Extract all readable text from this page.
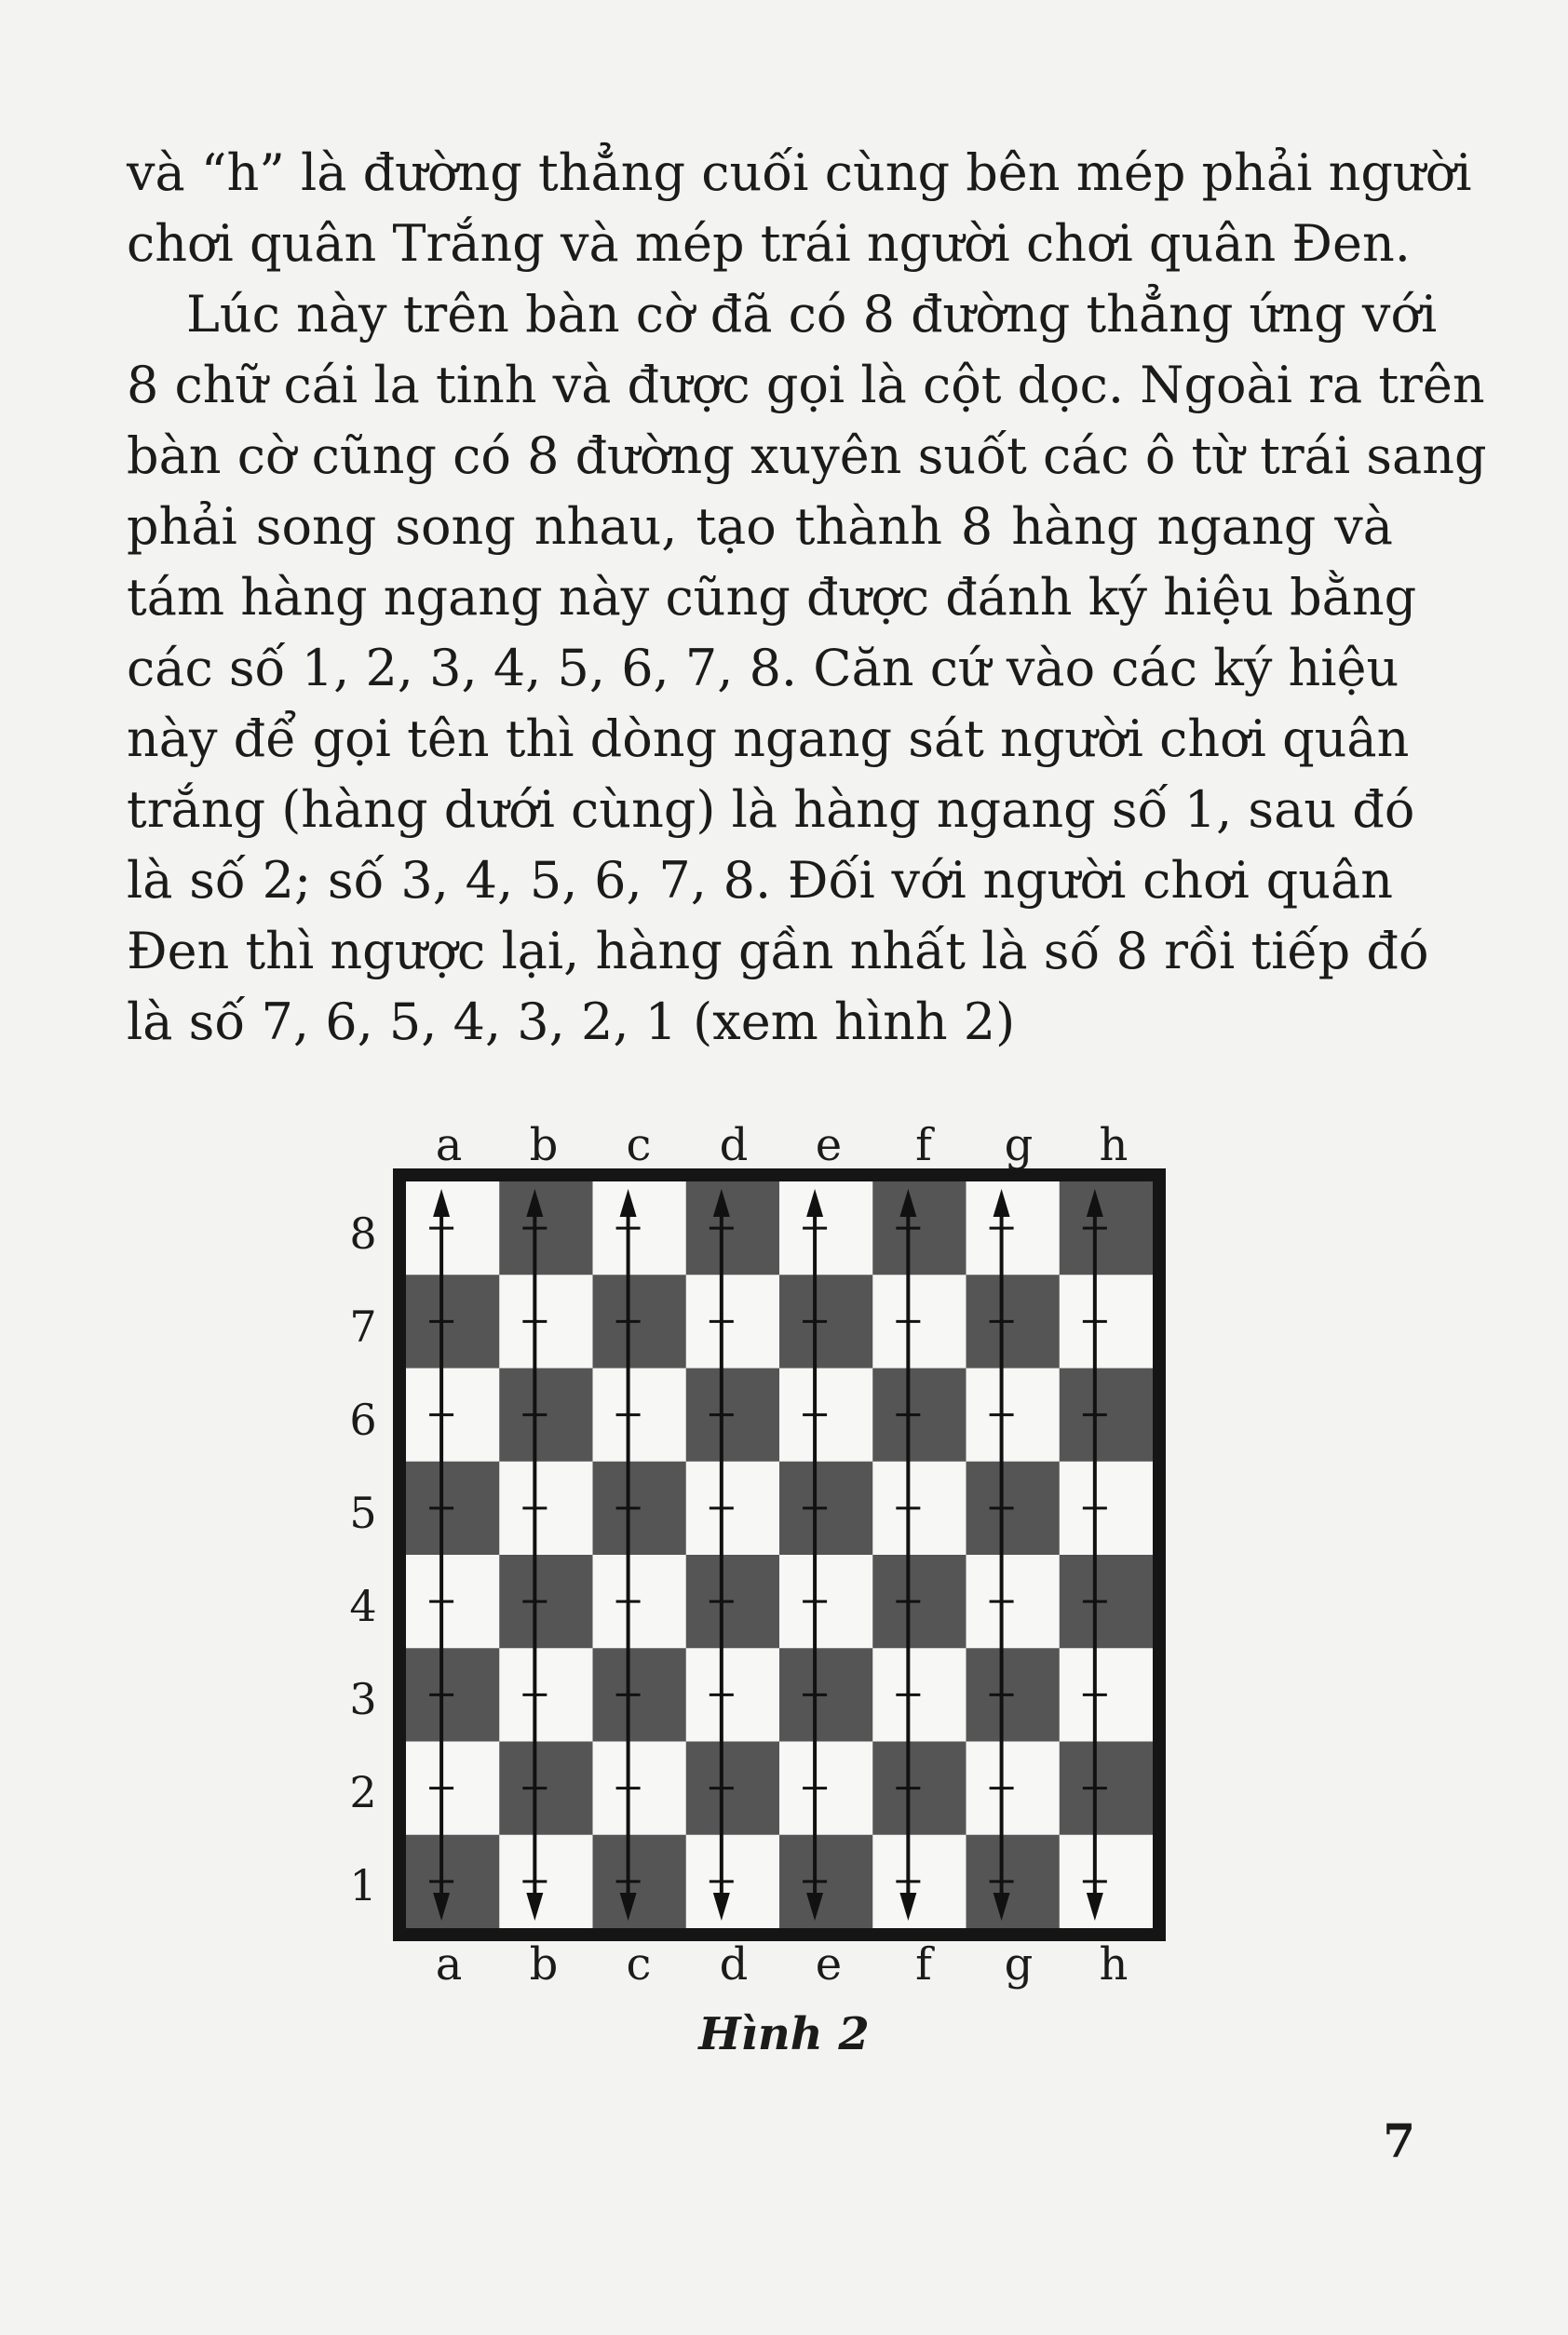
và “h” là đường thẳng cuối cùng bên mép phải người
chơi quân Trắng và mép trái người chơi quân Đen.
Lúc này trên bàn cờ đã có 8 đường thẳng ứng với
8 chữ cái la tinh và được gọi là cột dọc. Ngoài ra trên
bàn cờ cũng có 8 đường xuyên suốt các ô từ trái sang
phải song song nhau, tạo thành 8 hàng ngang và
tám hàng ngang này cũng được đánh ký hiệu bằng
các số 1, 2, 3, 4, 5, 6, 7, 8. Căn cứ vào các ký hiệu
này để gọi tên thì dòng ngang sát người chơi quân
trắng (hàng dưới cùng) là hàng ngang số 1, sau đó
là số 2; số 3, 4, 5, 6, 7, 8. Đối với người chơi quân
Đen thì ngược lại, hàng gần nhất là số 8 rồi tiếp đó
là số 7, 6, 5, 4, 3, 2, 1 (xem hình 2)
a	b	c	d	e	f	g	h
8
7
6
5
4
3
2
1
a	b	c	d	e	f	g	h
Hình 2
7
